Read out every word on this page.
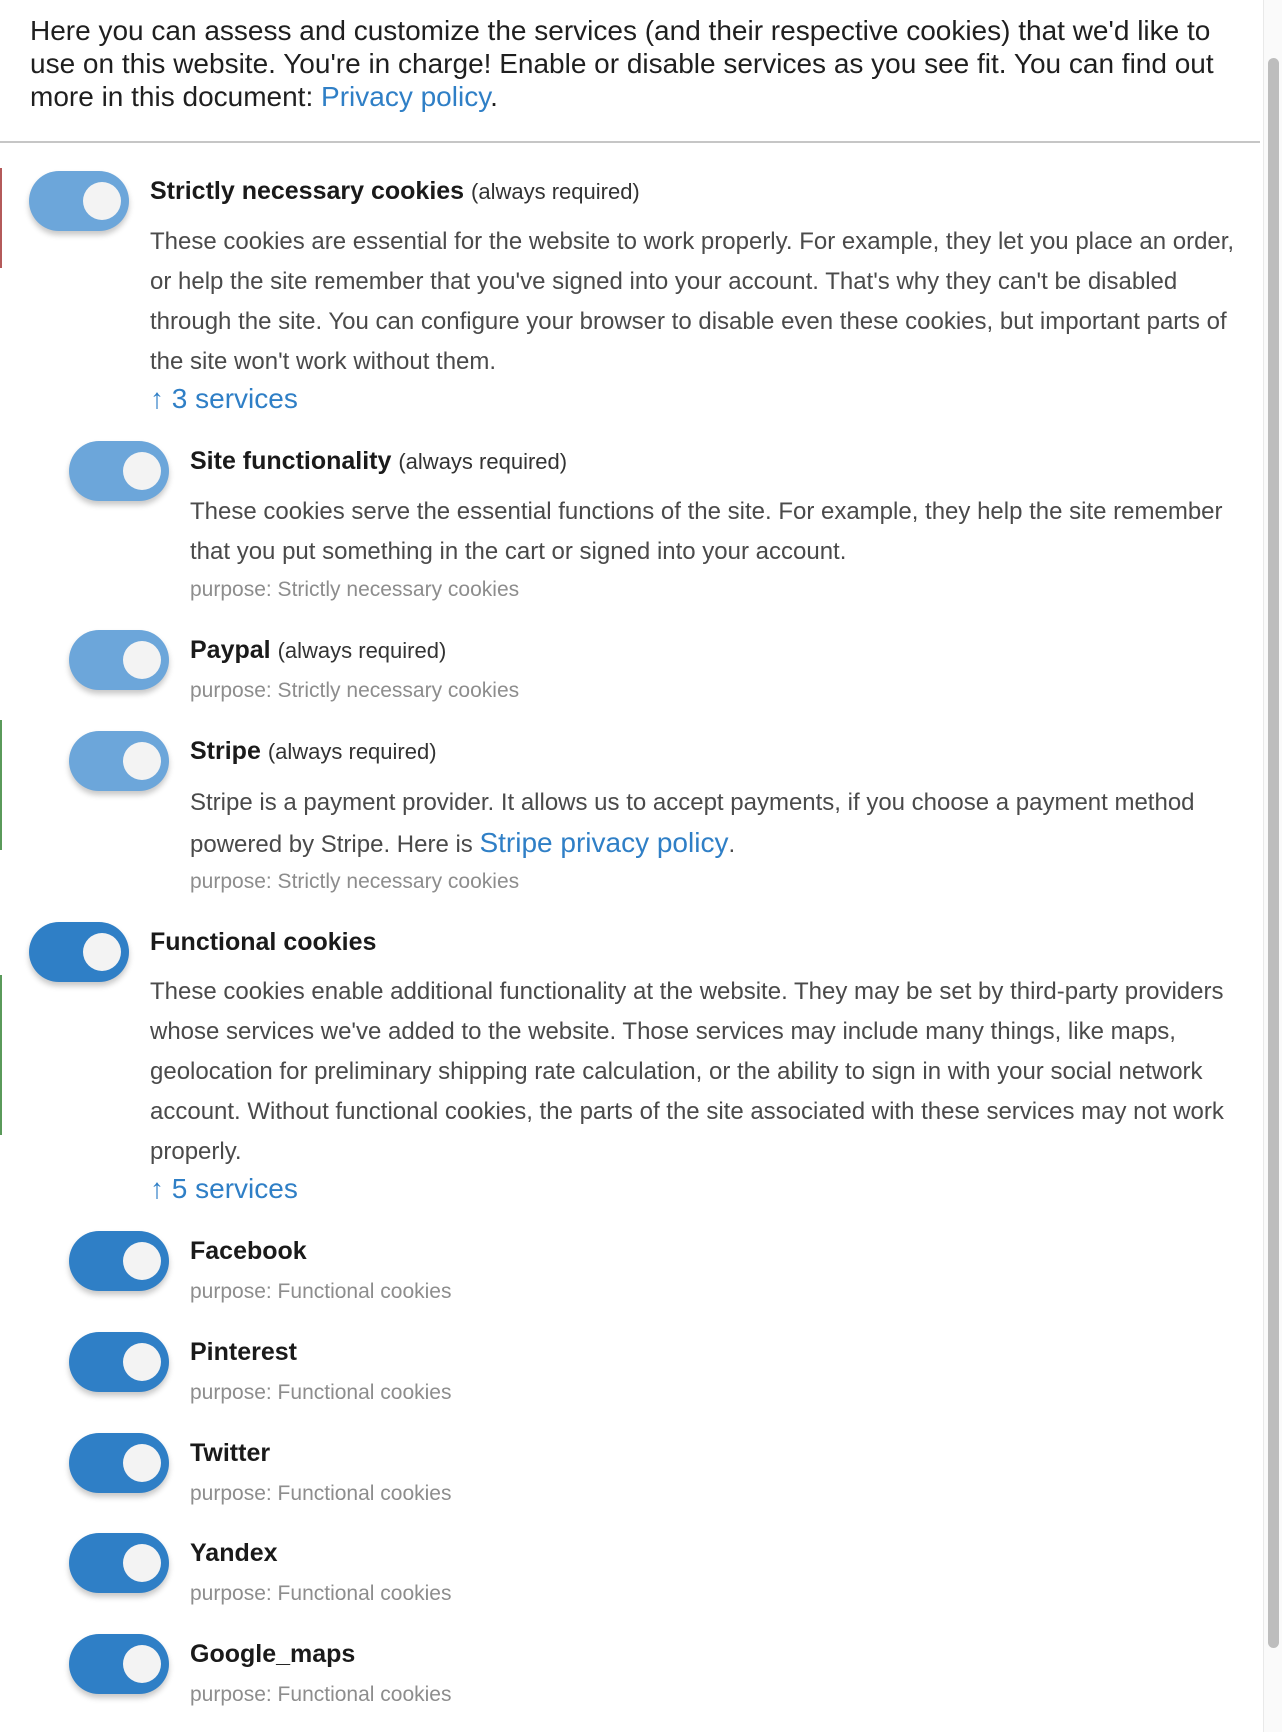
Here you can assess and customize the services (and their respective cookies) that we'd like to use on this website. You're in charge! Enable or disable services as you see fit. You can find out more in this document: Privacy policy.
Strictly necessary cookies (always required)
These cookies are essential for the website to work properly. For example, they let you place an order, or help the site remember that you've signed into your account. That's why they can't be disabled through the site. You can configure your browser to disable even these cookies, but important parts of the site won't work without them.
↑ 3 services
Site functionality (always required)
These cookies serve the essential functions of the site. For example, they help the site remember that you put something in the cart or signed into your account.
purpose: Strictly necessary cookies
Paypal (always required)
purpose: Strictly necessary cookies
Stripe (always required)
Stripe is a payment provider. It allows us to accept payments, if you choose a payment method powered by Stripe. Here is Stripe privacy policy.
purpose: Strictly necessary cookies
Functional cookies
These cookies enable additional functionality at the website. They may be set by third-party providers whose services we've added to the website. Those services may include many things, like maps, geolocation for preliminary shipping rate calculation, or the ability to sign in with your social network account. Without functional cookies, the parts of the site associated with these services may not work properly.
↑ 5 services
Facebook
purpose: Functional cookies
Pinterest
purpose: Functional cookies
Twitter
purpose: Functional cookies
Yandex
purpose: Functional cookies
Google_maps
purpose: Functional cookies
